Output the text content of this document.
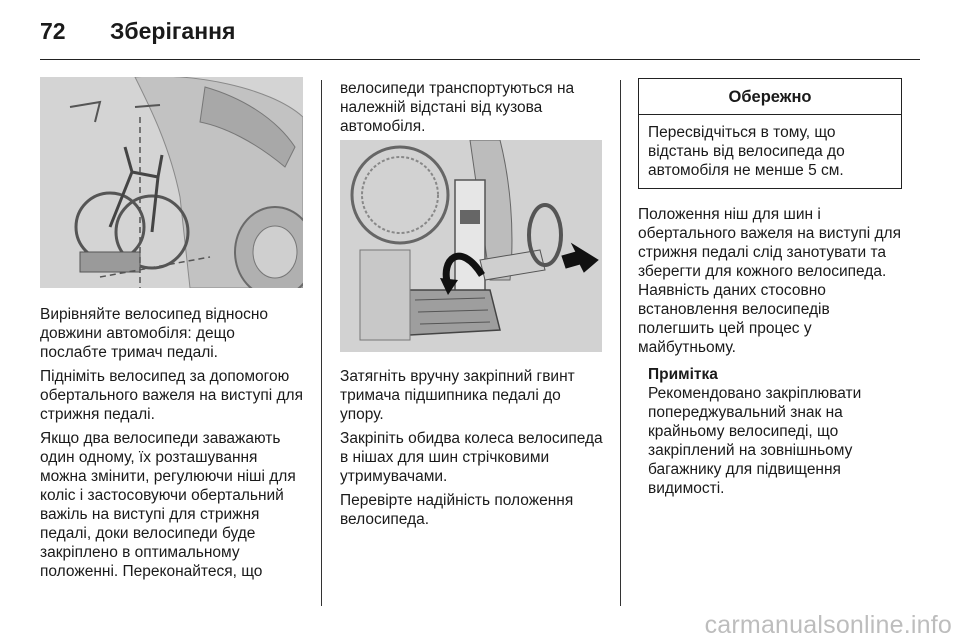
72 Зберігання

Вирівняйте велосипед відносно довжини автомобіля: дещо послабте тримач педалі.

Підніміть велосипед за допомогою обертального важеля на виступі для стрижня педалі.

Якщо два велосипеди заважають один одному, їх розташування можна змінити, регулюючи ніші для коліс і застосовуючи обертальний важіль на виступі для стрижня педалі, доки велосипеди буде закріплено в оптимальному положенні. Переконайтеся, що

велосипеди транспортуються на належній відстані від кузова автомобіля.

Затягніть вручну закріпний гвинт тримача підшипника педалі до упору.

Закріпіть обидва колеса велосипеда в нішах для шин стрічковими утримувачами.

Перевірте надійність положення велосипеда.

Обережно
Пересвідчіться в тому, що відстань від велосипеда до автомобіля не менше 5 см.

Положення ніш для шин і обертального важеля на виступі для стрижня педалі слід занотувати та зберегти для кожного велосипеда. Наявність даних стосовно встановлення велосипедів полегшить цей процес у майбутньому.

Примітка
Рекомендовано закріплювати попереджувальний знак на крайньому велосипеді, що закріплений на зовнішньому багажнику для підвищення видимості.
carmanualsonline.info
